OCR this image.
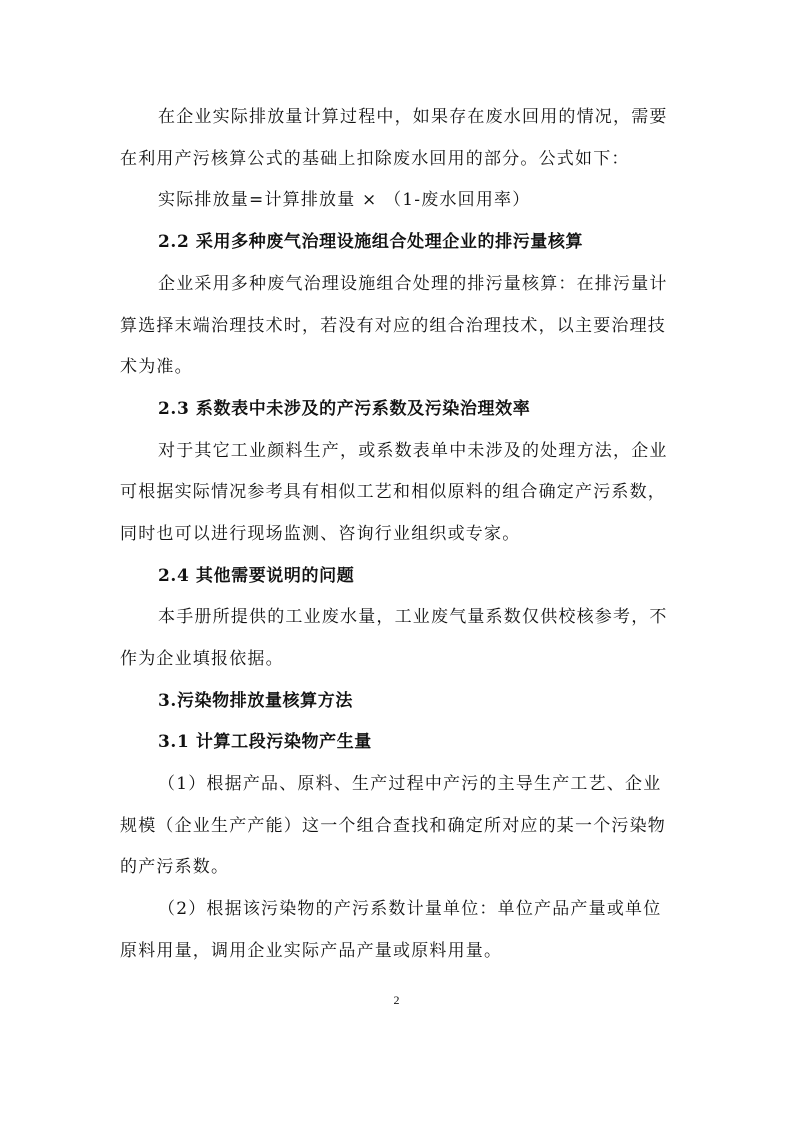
在企业实际排放量计算过程中，如果存在废水回用的情况，需要
在利用产污核算公式的基础上扣除废水回用的部分。公式如下：
实际排放量=计算排放量 × （1-废水回用率）
2.2 采用多种废气治理设施组合处理企业的排污量核算
企业采用多种废气治理设施组合处理的排污量核算：在排污量计
算选择末端治理技术时，若没有对应的组合治理技术，以主要治理技
术为准。
2.3 系数表中未涉及的产污系数及污染治理效率
对于其它工业颜料生产，或系数表单中未涉及的处理方法，企业
可根据实际情况参考具有相似工艺和相似原料的组合确定产污系数，
同时也可以进行现场监测、咨询行业组织或专家。
2.4 其他需要说明的问题
本手册所提供的工业废水量，工业废气量系数仅供校核参考，不
作为企业填报依据。
3.污染物排放量核算方法
3.1 计算工段污染物产生量
（1）根据产品、原料、生产过程中产污的主导生产工艺、企业
规模（企业生产产能）这一个组合查找和确定所对应的某一个污染物
的产污系数。
（2）根据该污染物的产污系数计量单位：单位产品产量或单位
原料用量，调用企业实际产品产量或原料用量。
2
